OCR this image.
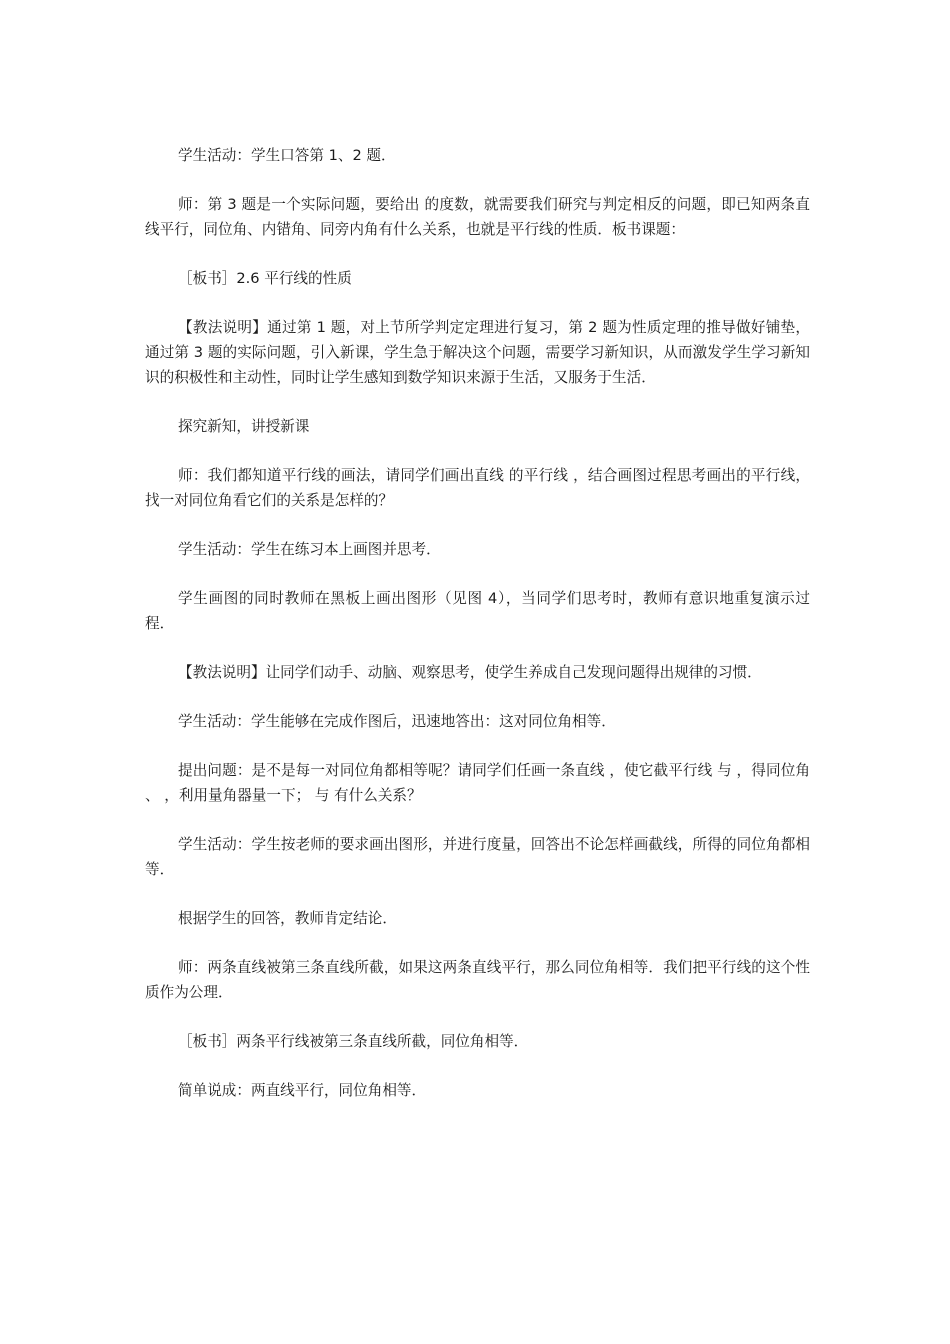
学生活动：学生口答第 1、2 题．

师：第 3 题是一个实际问题，要给出 的度数，就需要我们研究与判定相反的问题，即已知两条直线平行，同位角、内错角、同旁内角有什么关系，也就是平行线的性质．板书课题：

［板书］2.6 平行线的性质

【教法说明】通过第 1 题，对上节所学判定定理进行复习，第 2 题为性质定理的推导做好铺垫，通过第 3 题的实际问题，引入新课，学生急于解决这个问题，需要学习新知识，从而激发学生学习新知识的积极性和主动性，同时让学生感知到数学知识来源于生活，又服务于生活．

探究新知，讲授新课

师：我们都知道平行线的画法，请同学们画出直线 的平行线 ，结合画图过程思考画出的平行线，找一对同位角看它们的关系是怎样的？

学生活动：学生在练习本上画图并思考．

学生画图的同时教师在黑板上画出图形（见图 4），当同学们思考时，教师有意识地重复演示过程．

【教法说明】让同学们动手、动脑、观察思考，使学生养成自己发现问题得出规律的习惯．

学生活动：学生能够在完成作图后，迅速地答出：这对同位角相等．

提出问题：是不是每一对同位角都相等呢？请同学们任画一条直线 ，使它截平行线 与 ，得同位角 、 ，利用量角器量一下； 与 有什么关系？

学生活动：学生按老师的要求画出图形，并进行度量，回答出不论怎样画截线，所得的同位角都相等．

根据学生的回答，教师肯定结论．

师：两条直线被第三条直线所截，如果这两条直线平行，那么同位角相等．我们把平行线的这个性质作为公理．

［板书］两条平行线被第三条直线所截，同位角相等．

简单说成：两直线平行，同位角相等．
